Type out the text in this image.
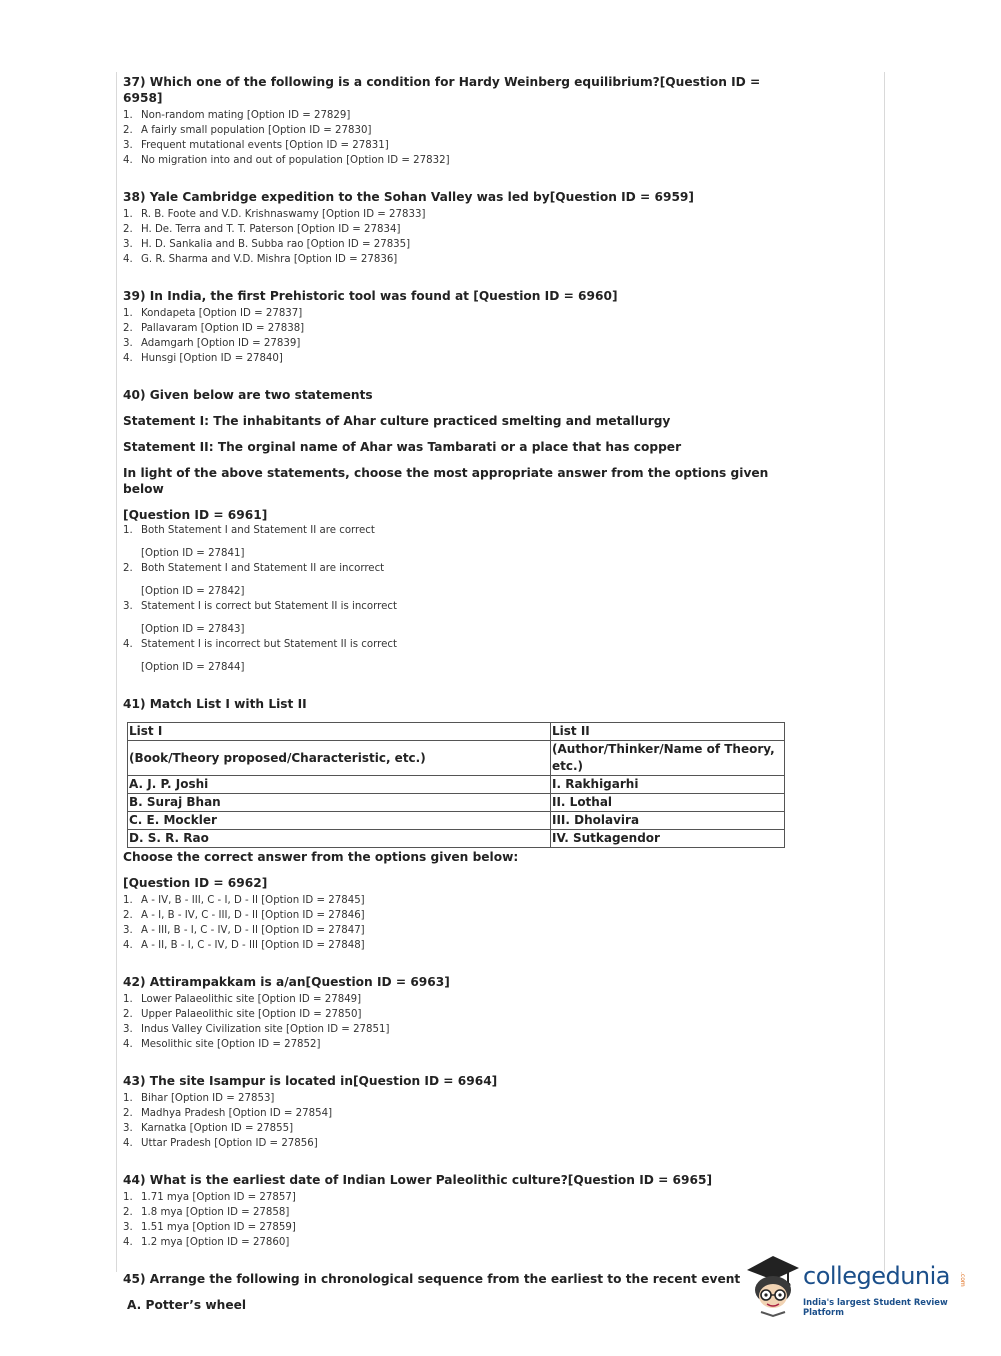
37) Which one of the following is a condition for Hardy Weinberg equilibrium?[Question ID = 6958]
1. Non-random mating [Option ID = 27829]
2. A fairly small population [Option ID = 27830]
3. Frequent mutational events [Option ID = 27831]
4. No migration into and out of population [Option ID = 27832]
38) Yale Cambridge expedition to the Sohan Valley was led by[Question ID = 6959]
1. R. B. Foote and V.D. Krishnaswamy [Option ID = 27833]
2. H. De. Terra and T. T. Paterson [Option ID = 27834]
3. H. D. Sankalia and B. Subba rao [Option ID = 27835]
4. G. R. Sharma and V.D. Mishra [Option ID = 27836]
39) In India, the first Prehistoric tool was found at [Question ID = 6960]
1. Kondapeta [Option ID = 27837]
2. Pallavaram [Option ID = 27838]
3. Adamgarh [Option ID = 27839]
4. Hunsgi [Option ID = 27840]
40) Given below are two statements
Statement I: The inhabitants of Ahar culture practiced smelting and metallurgy
Statement II: The orginal name of Ahar was Tambarati or a place that has copper
In light of the above statements, choose the most appropriate answer from the options given below
[Question ID = 6961]
1. Both Statement I and Statement II are correct
[Option ID = 27841]
2. Both Statement I and Statement II are incorrect
[Option ID = 27842]
3. Statement I is correct but Statement II is incorrect
[Option ID = 27843]
4. Statement I is incorrect but Statement II is correct
[Option ID = 27844]
41) Match List I with List II
List I	List II
(Book/Theory proposed/Characteristic, etc.)	(Author/Thinker/Name of Theory, etc.)
A. J. P. Joshi	I. Rakhigarhi
B. Suraj Bhan	II. Lothal
C. E. Mockler	III. Dholavira
D. S. R. Rao	IV. Sutkagendor
Choose the correct answer from the options given below:
[Question ID = 6962]
1. A - IV, B - III, C - I, D - II [Option ID = 27845]
2. A - I, B - IV, C - III, D - II [Option ID = 27846]
3. A - III, B - I, C - IV, D - II [Option ID = 27847]
4. A - II, B - I, C - IV, D - III [Option ID = 27848]
42) Attirampakkam is a/an[Question ID = 6963]
1. Lower Palaeolithic site [Option ID = 27849]
2. Upper Palaeolithic site [Option ID = 27850]
3. Indus Valley Civilization site [Option ID = 27851]
4. Mesolithic site [Option ID = 27852]
43) The site Isampur is located in[Question ID = 6964]
1. Bihar [Option ID = 27853]
2. Madhya Pradesh [Option ID = 27854]
3. Karnatka [Option ID = 27855]
4. Uttar Pradesh [Option ID = 27856]
44) What is the earliest date of Indian Lower Paleolithic culture?[Question ID = 6965]
1. 1.71 mya [Option ID = 27857]
2. 1.8 mya [Option ID = 27858]
3. 1.51 mya [Option ID = 27859]
4. 1.2 mya [Option ID = 27860]
45) Arrange the following in chronological sequence from the earliest to the recent event
A. Potter’s wheel
collegedunia .com
India's largest Student Review Platform
